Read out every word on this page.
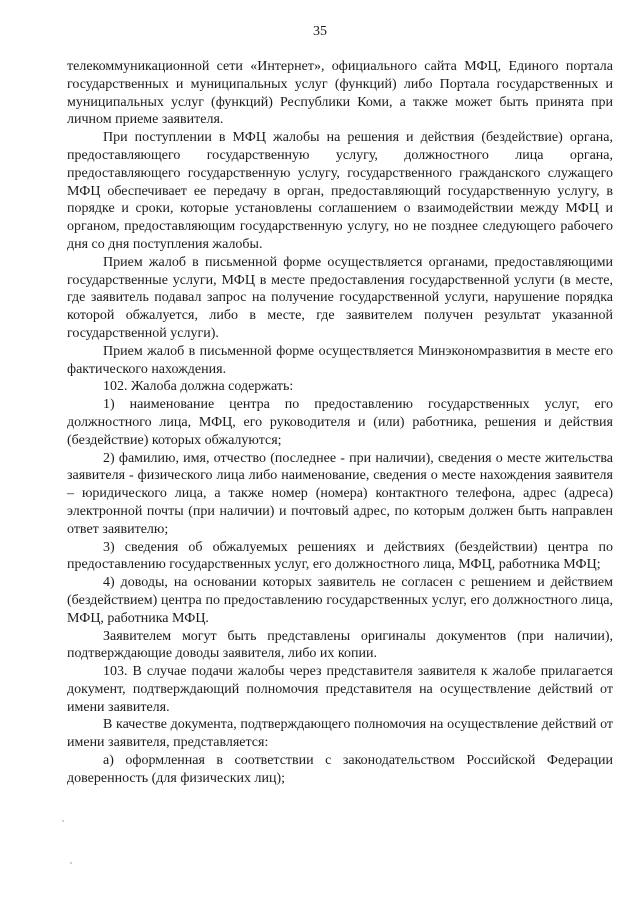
35

телекоммуникационной сети «Интернет», официального сайта МФЦ, Единого портала государственных и муниципальных услуг (функций) либо Портала государственных и муниципальных услуг (функций) Республики Коми, а также может быть принята при личном приеме заявителя.

При поступлении в МФЦ жалобы на решения и действия (бездействие) органа, предоставляющего государственную услугу, должностного лица органа, предоставляющего государственную услугу, государственного гражданского служащего МФЦ обеспечивает ее передачу в орган, предоставляющий государственную услугу, в порядке и сроки, которые установлены соглашением о взаимодействии между МФЦ и органом, предоставляющим государственную услугу, но не позднее следующего рабочего дня со дня поступления жалобы.

Прием жалоб в письменной форме осуществляется органами, предоставляющими государственные услуги, МФЦ в месте предоставления государственной услуги (в месте, где заявитель подавал запрос на получение государственной услуги, нарушение порядка которой обжалуется, либо в месте, где заявителем получен результат указанной государственной услуги).

Прием жалоб в письменной форме осуществляется Минэкономразвития в месте его фактического нахождения.

102. Жалоба должна содержать:

1) наименование центра по предоставлению государственных услуг, его должностного лица, МФЦ, его руководителя и (или) работника, решения и действия (бездействие) которых обжалуются;

2) фамилию, имя, отчество (последнее - при наличии), сведения о месте жительства заявителя - физического лица либо наименование, сведения о месте нахождения заявителя – юридического лица, а также номер (номера) контактного телефона, адрес (адреса) электронной почты (при наличии) и почтовый адрес, по которым должен быть направлен ответ заявителю;

3) сведения об обжалуемых решениях и действиях (бездействии) центра по предоставлению государственных услуг, его должностного лица, МФЦ, работника МФЦ;

4) доводы, на основании которых заявитель не согласен с решением и действием (бездействием) центра по предоставлению государственных услуг, его должностного лица, МФЦ, работника МФЦ.

Заявителем могут быть представлены оригиналы документов (при наличии), подтверждающие доводы заявителя, либо их копии.

103. В случае подачи жалобы через представителя заявителя к жалобе прилагается документ, подтверждающий полномочия представителя на осуществление действий от имени заявителя.

В качестве документа, подтверждающего полномочия на осуществление действий от имени заявителя, представляется:

а) оформленная в соответствии с законодательством Российской Федерации доверенность (для физических лиц);
